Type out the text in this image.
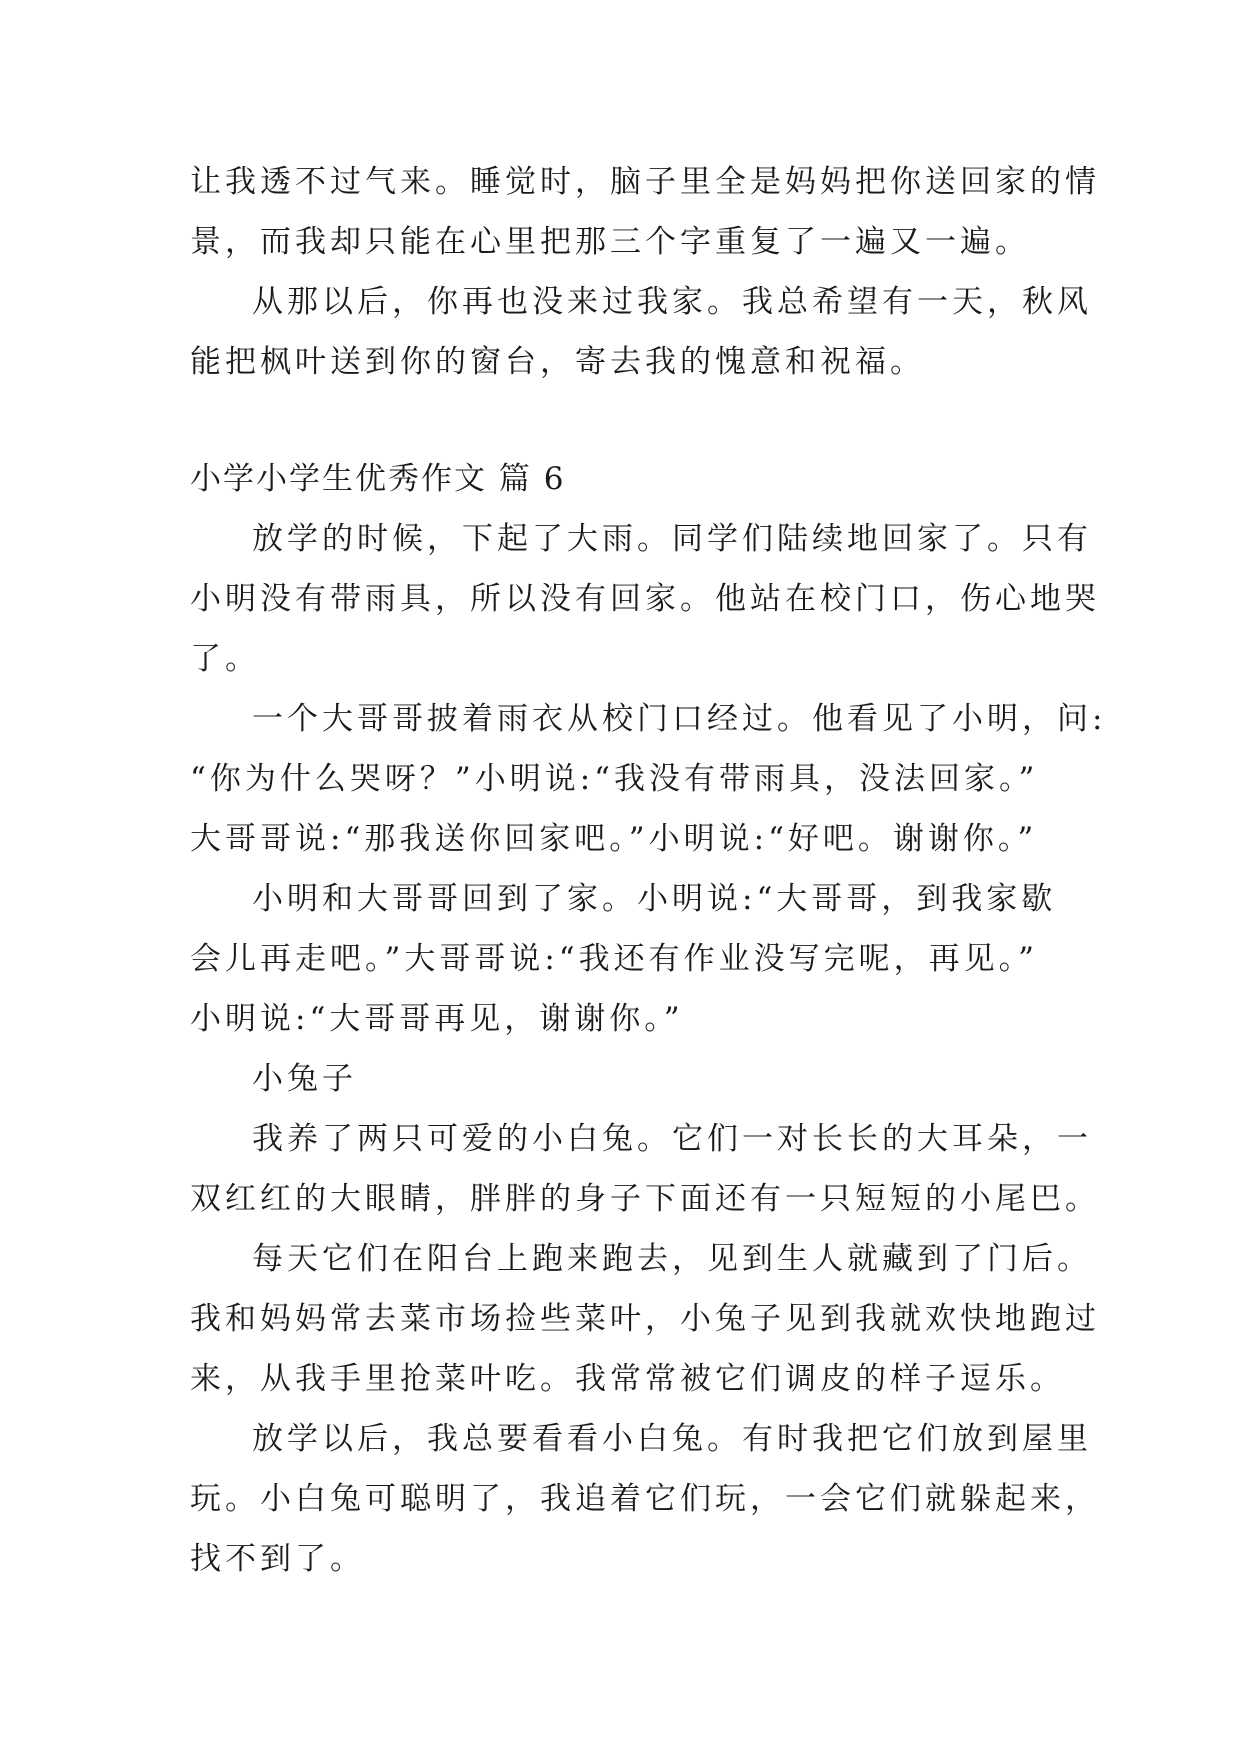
让我透不过气来。睡觉时，脑子里全是妈妈把你送回家的情
景，而我却只能在心里把那三个字重复了一遍又一遍。
从那以后，你再也没来过我家。我总希望有一天，秋风
能把枫叶送到你的窗台，寄去我的愧意和祝福。
小学小学生优秀作文 篇 6
放学的时候，下起了大雨。同学们陆续地回家了。只有
小明没有带雨具，所以没有回家。他站在校门口，伤心地哭
了。
一个大哥哥披着雨衣从校门口经过。他看见了小明，问:
“你为什么哭呀？”小明说:“我没有带雨具，没法回家。”
大哥哥说:“那我送你回家吧。”小明说:“好吧。谢谢你。”
小明和大哥哥回到了家。小明说:“大哥哥，到我家歇
会儿再走吧。”大哥哥说:“我还有作业没写完呢，再见。”
小明说:“大哥哥再见，谢谢你。”
小兔子
我养了两只可爱的小白兔。它们一对长长的大耳朵，一
双红红的大眼睛，胖胖的身子下面还有一只短短的小尾巴。
每天它们在阳台上跑来跑去，见到生人就藏到了门后。
我和妈妈常去菜市场捡些菜叶，小兔子见到我就欢快地跑过
来，从我手里抢菜叶吃。我常常被它们调皮的样子逗乐。
放学以后，我总要看看小白兔。有时我把它们放到屋里
玩。小白兔可聪明了，我追着它们玩，一会它们就躲起来，
找不到了。
